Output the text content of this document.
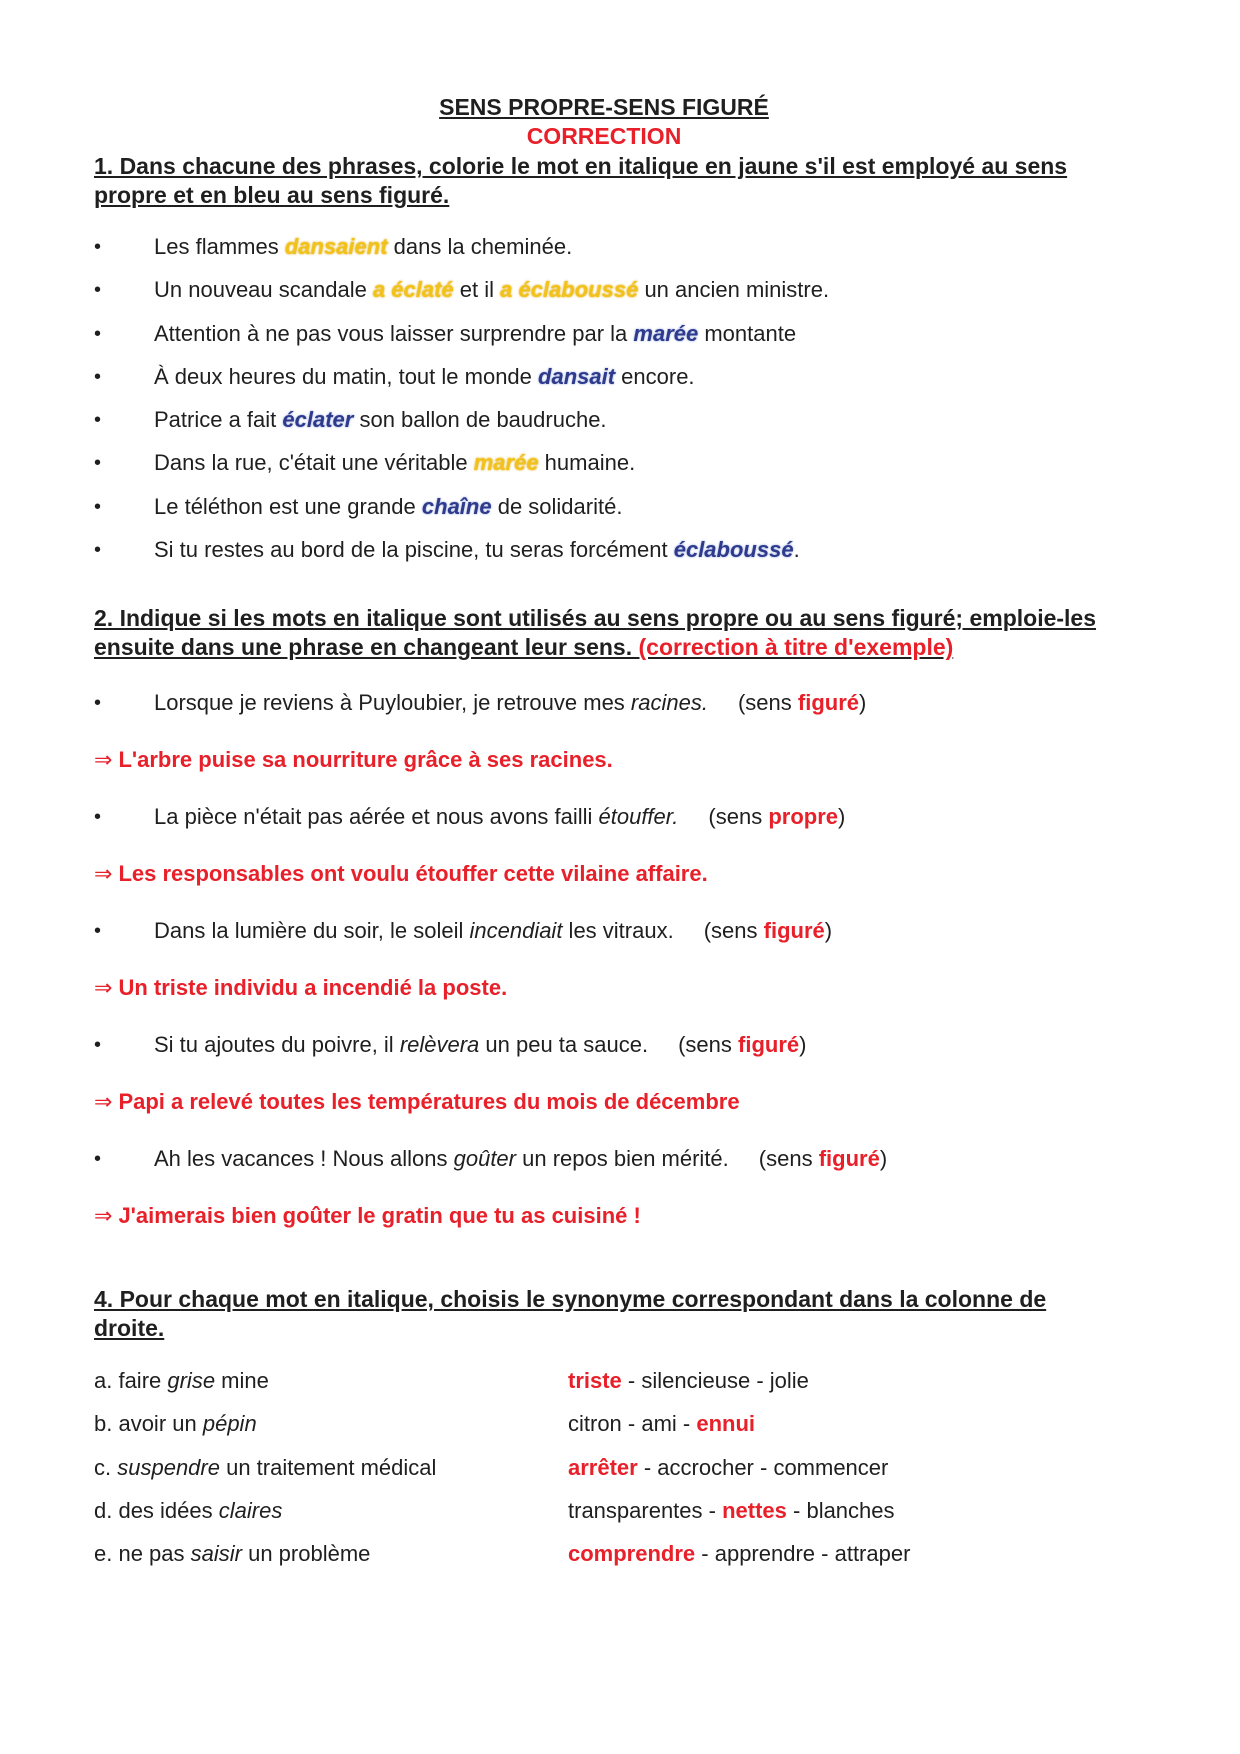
SENS PROPRE-SENS FIGURÉ
CORRECTION
1. Dans chacune des phrases, colorie le mot en italique en jaune s'il est employé au sens propre et en bleu au sens figuré.
• Les flammes dansaient dans la cheminée.
• Un nouveau scandale a éclaté et il a éclaboussé un ancien ministre.
• Attention à ne pas vous laisser surprendre par la marée montante
• À deux heures du matin, tout le monde dansait encore.
• Patrice a fait éclater son ballon de baudruche.
• Dans la rue, c'était une véritable marée humaine.
• Le téléthon est une grande chaîne de solidarité.
• Si tu restes au bord de la piscine, tu seras forcément éclaboussé.
2. Indique si les mots en italique sont utilisés au sens propre ou au sens figuré; emploie-les ensuite dans une phrase en changeant leur sens. (correction à titre d'exemple)
• Lorsque je reviens à Puyloubier, je retrouve mes racines. (sens figuré)
⇒ L'arbre puise sa nourriture grâce à ses racines.
• La pièce n'était pas aérée et nous avons failli étouffer. (sens propre)
⇒ Les responsables ont voulu étouffer cette vilaine affaire.
• Dans la lumière du soir, le soleil incendiait les vitraux. (sens figuré)
⇒ Un triste individu a incendié la poste.
• Si tu ajoutes du poivre, il relèvera un peu ta sauce. (sens figuré)
⇒ Papi a relevé toutes les températures du mois de décembre
• Ah les vacances ! Nous allons goûter un repos bien mérité. (sens figuré)
⇒ J'aimerais bien goûter le gratin que tu as cuisiné !
4. Pour chaque mot en italique, choisis le synonyme correspondant dans la colonne de droite.
a. faire grise mine	triste - silencieuse - jolie
b. avoir un pépin	citron - ami - ennui
c. suspendre un traitement médical	arrêter - accrocher - commencer
d. des idées claires	transparentes - nettes - blanches
e. ne pas saisir un problème	comprendre - apprendre - attraper
